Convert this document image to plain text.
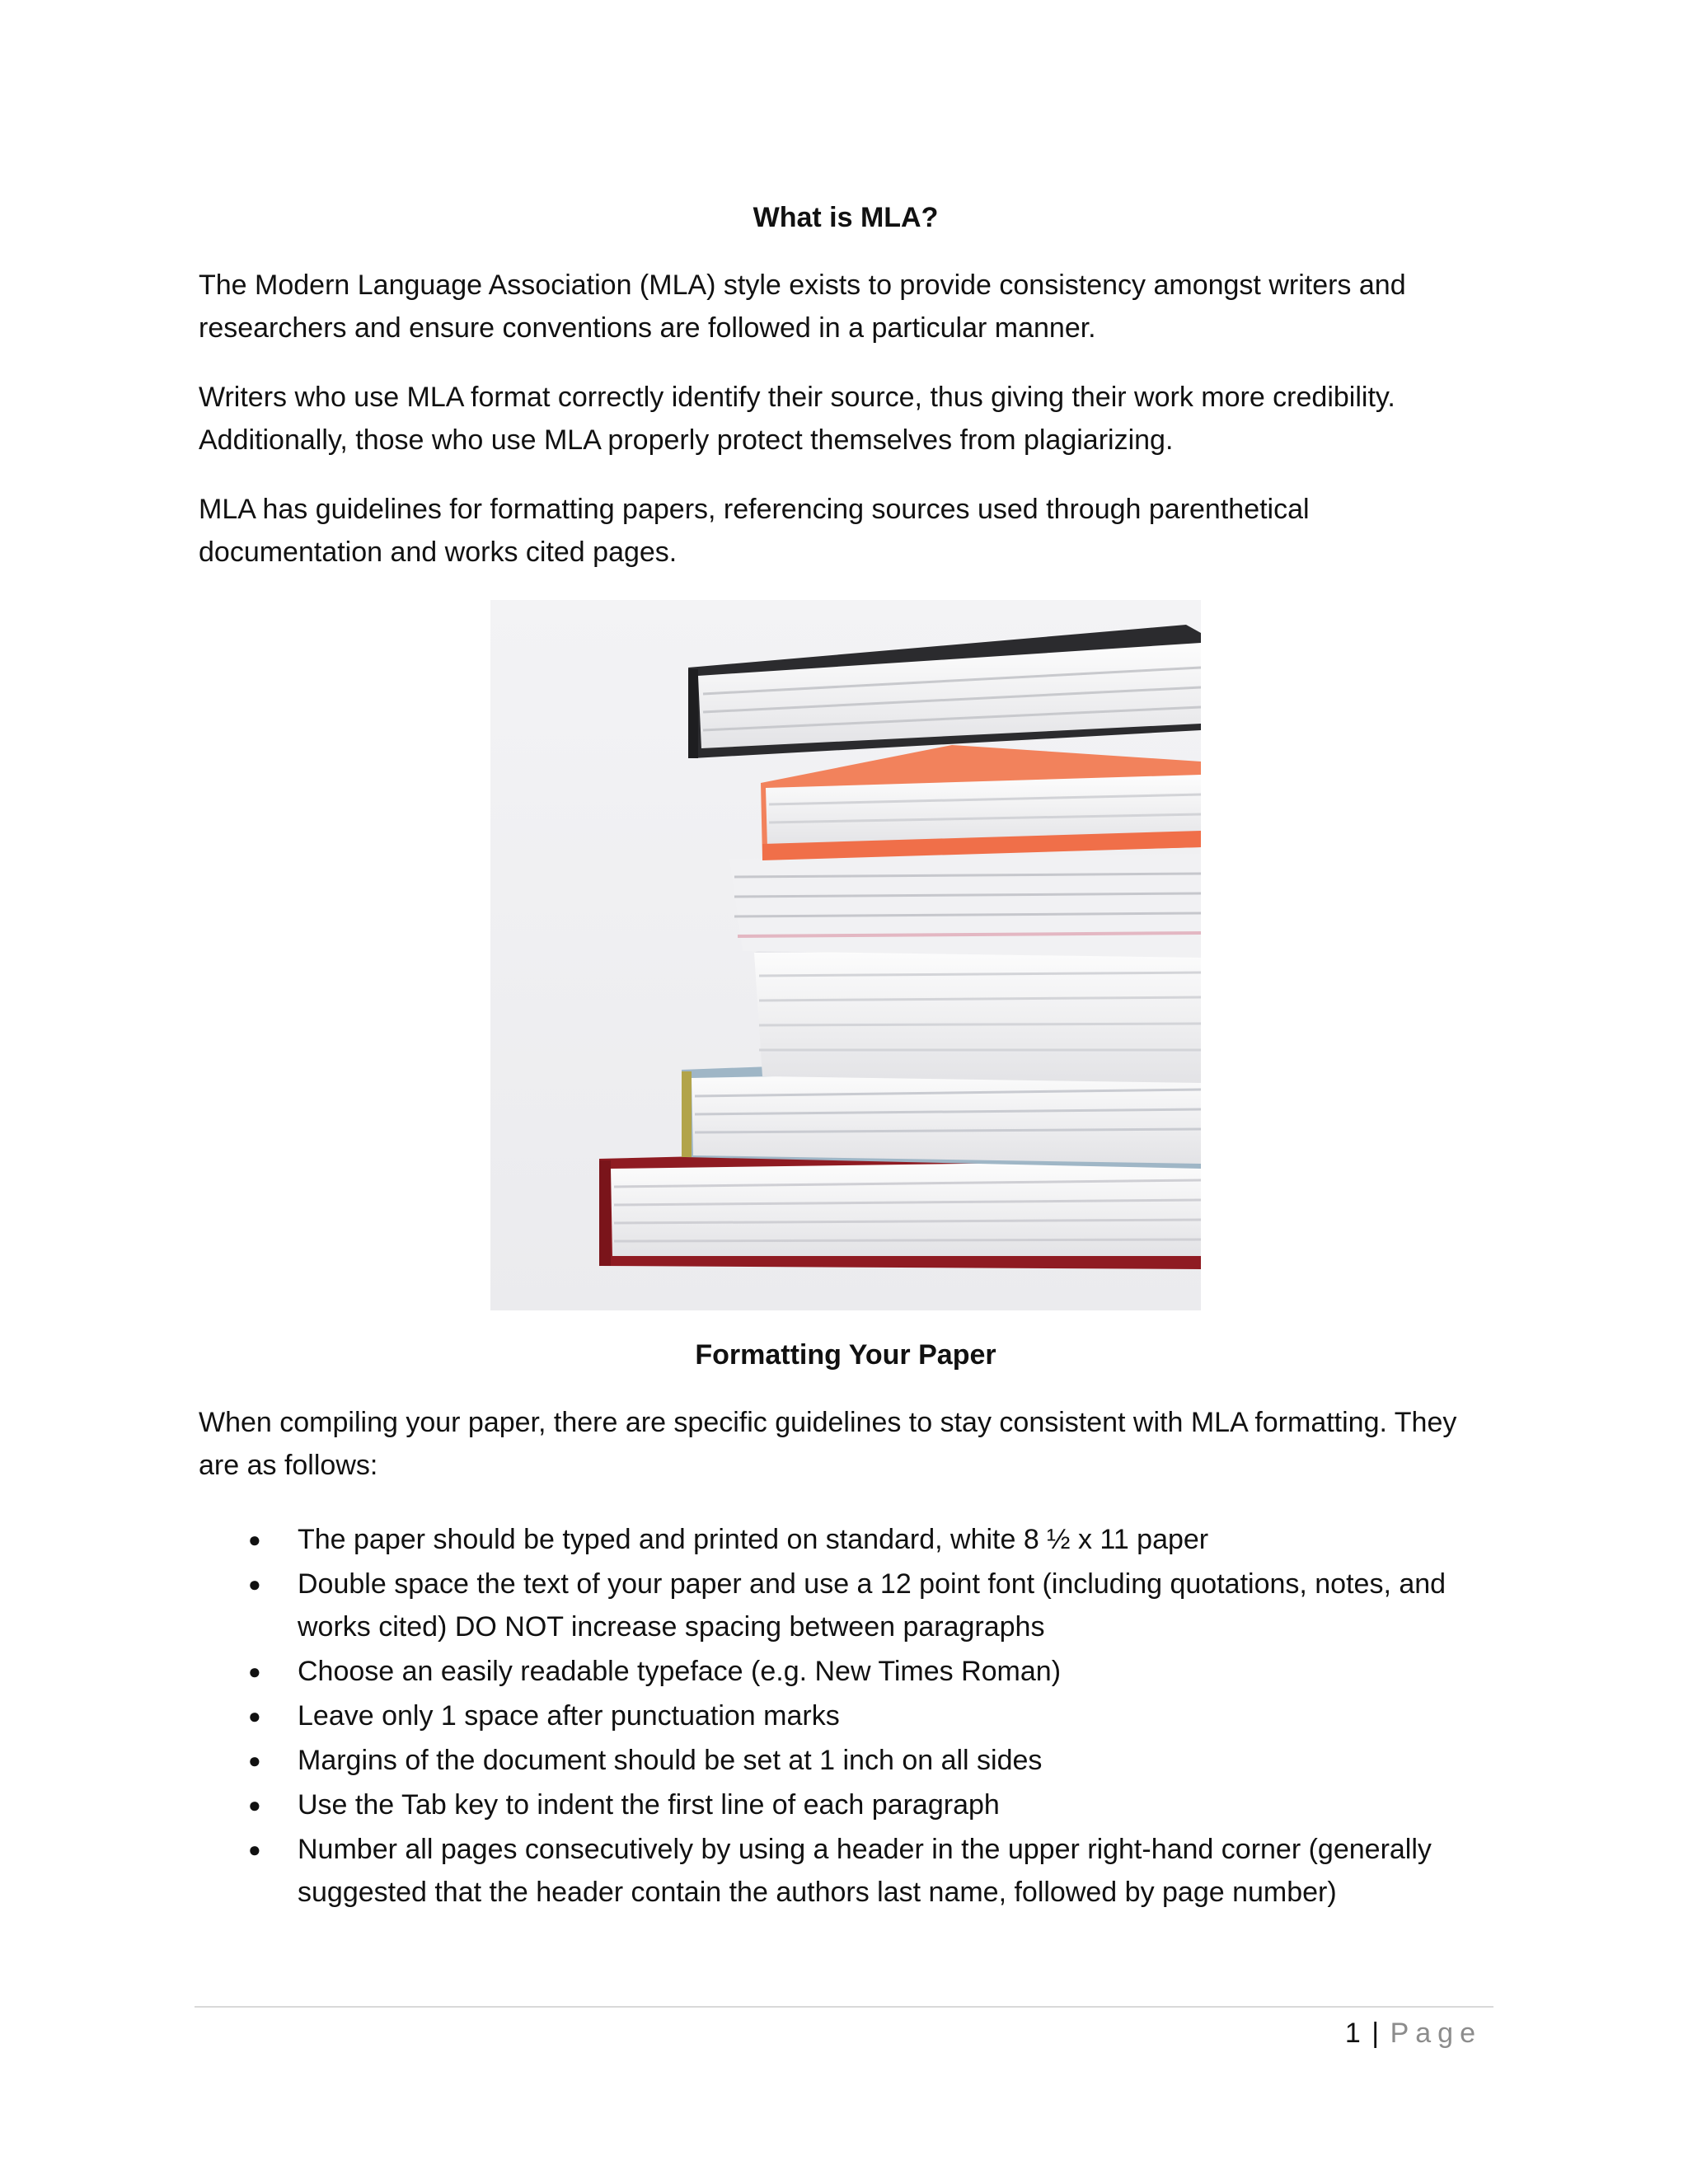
What is MLA?

The Modern Language Association (MLA) style exists to provide consistency amongst writers and researchers and ensure conventions are followed in a particular manner.

Writers who use MLA format correctly identify their source, thus giving their work more credibility. Additionally, those who use MLA properly protect themselves from plagiarizing.

MLA has guidelines for formatting papers, referencing sources used through parenthetical documentation and works cited pages.

Formatting Your Paper

When compiling your paper, there are specific guidelines to stay consistent with MLA formatting. They are as follows:

● The paper should be typed and printed on standard, white 8 ½ x 11 paper
● Double space the text of your paper and use a 12 point font (including quotations, notes, and works cited) DO NOT increase spacing between paragraphs
● Choose an easily readable typeface (e.g. New Times Roman)
● Leave only 1 space after punctuation marks
● Margins of the document should be set at 1 inch on all sides
● Use the Tab key to indent the first line of each paragraph
● Number all pages consecutively by using a header in the upper right-hand corner (generally suggested that the header contain the authors last name, followed by page number)
1 | Page
